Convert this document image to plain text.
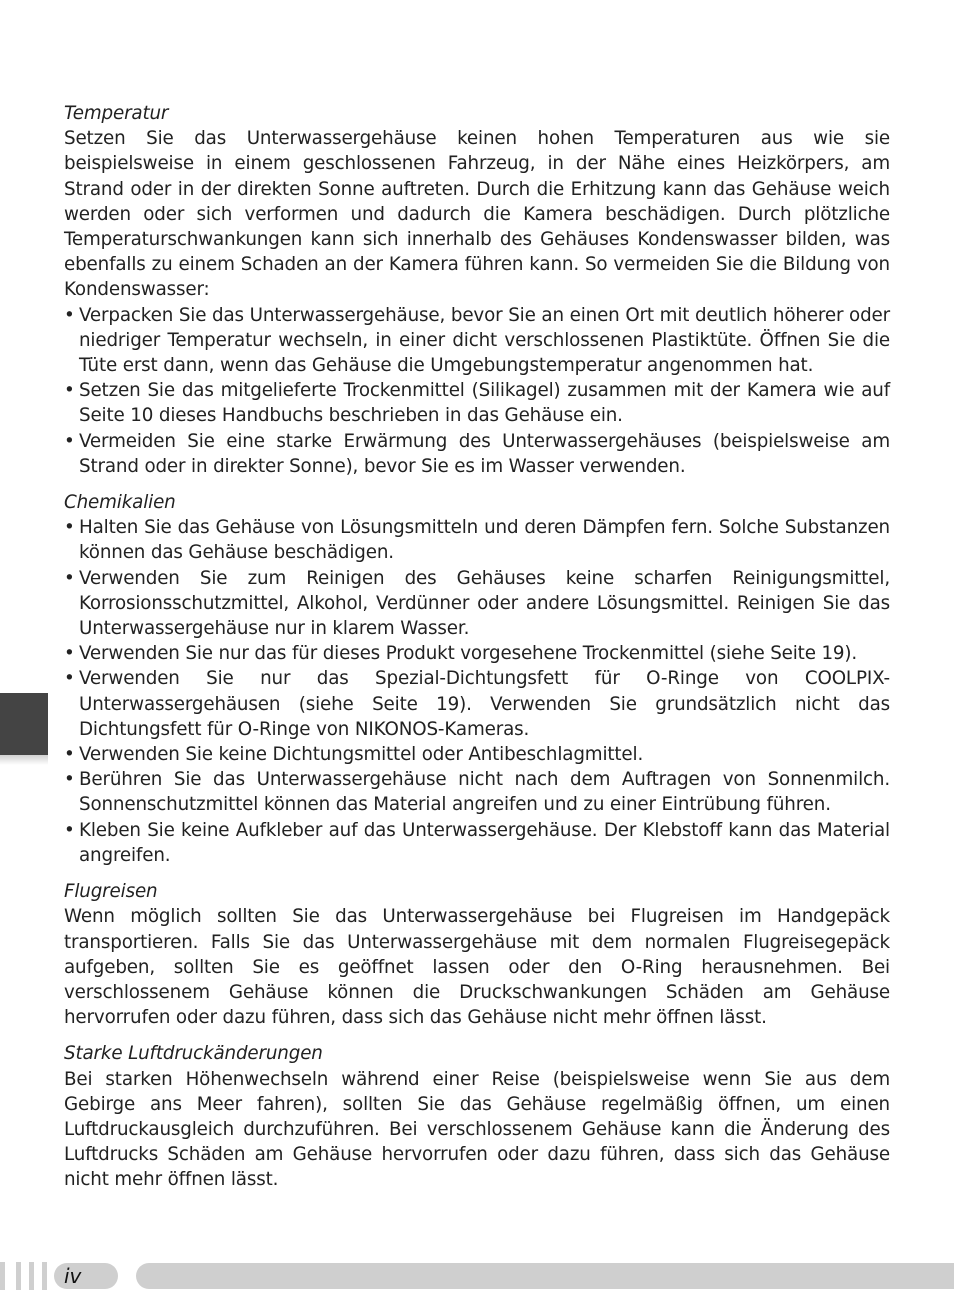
Temperatur

Setzen Sie das Unterwassergehäuse keinen hohen Temperaturen aus wie sie beispielsweise in einem geschlossenen Fahrzeug, in der Nähe eines Heizkörpers, am Strand oder in der direkten Sonne auftreten. Durch die Erhitzung kann das Gehäuse weich werden oder sich verformen und dadurch die Kamera beschädigen. Durch plötzliche Temperaturschwankungen kann sich innerhalb des Gehäuses Kondenswasser bilden, was ebenfalls zu einem Schaden an der Kamera führen kann. So vermeiden Sie die Bildung von Kondenswasser:

• Verpacken Sie das Unterwassergehäuse, bevor Sie an einen Ort mit deutlich höherer oder niedriger Temperatur wechseln, in einer dicht verschlossenen Plastiktüte. Öffnen Sie die Tüte erst dann, wenn das Gehäuse die Umgebungstemperatur angenommen hat.
• Setzen Sie das mitgelieferte Trockenmittel (Silikagel) zusammen mit der Kamera wie auf Seite 10 dieses Handbuchs beschrieben in das Gehäuse ein.
• Vermeiden Sie eine starke Erwärmung des Unterwassergehäuses (beispielsweise am Strand oder in direkter Sonne), bevor Sie es im Wasser verwenden.

Chemikalien

• Halten Sie das Gehäuse von Lösungsmitteln und deren Dämpfen fern. Solche Substanzen können das Gehäuse beschädigen.
• Verwenden Sie zum Reinigen des Gehäuses keine scharfen Reinigungsmittel, Korrosionsschutzmittel, Alkohol, Verdünner oder andere Lösungsmittel. Reinigen Sie das Unterwassergehäuse nur in klarem Wasser.
• Verwenden Sie nur das für dieses Produkt vorgesehene Trockenmittel (siehe Seite 19).
• Verwenden Sie nur das Spezial-Dichtungsfett für O-Ringe von COOLPIX-Unterwassergehäusen (siehe Seite 19). Verwenden Sie grundsätzlich nicht das Dichtungsfett für O-Ringe von NIKONOS-Kameras.
• Verwenden Sie keine Dichtungsmittel oder Antibeschlagmittel.
• Berühren Sie das Unterwassergehäuse nicht nach dem Auftragen von Sonnenmilch. Sonnenschutzmittel können das Material angreifen und zu einer Eintrübung führen.
• Kleben Sie keine Aufkleber auf das Unterwassergehäuse. Der Klebstoff kann das Material angreifen.

Flugreisen

Wenn möglich sollten Sie das Unterwassergehäuse bei Flugreisen im Handgepäck transportieren. Falls Sie das Unterwassergehäuse mit dem normalen Flugreisegepäck aufgeben, sollten Sie es geöffnet lassen oder den O-Ring herausnehmen. Bei verschlossenem Gehäuse können die Druckschwankungen Schäden am Gehäuse hervorrufen oder dazu führen, dass sich das Gehäuse nicht mehr öffnen lässt.

Starke Luftdruckänderungen

Bei starken Höhenwechseln während einer Reise (beispielsweise wenn Sie aus dem Gebirge ans Meer fahren), sollten Sie das Gehäuse regelmäßig öffnen, um einen Luftdruckausgleich durchzuführen. Bei verschlossenem Gehäuse kann die Änderung des Luftdrucks Schäden am Gehäuse hervorrufen oder dazu führen, dass sich das Gehäuse nicht mehr öffnen lässt.

iv
